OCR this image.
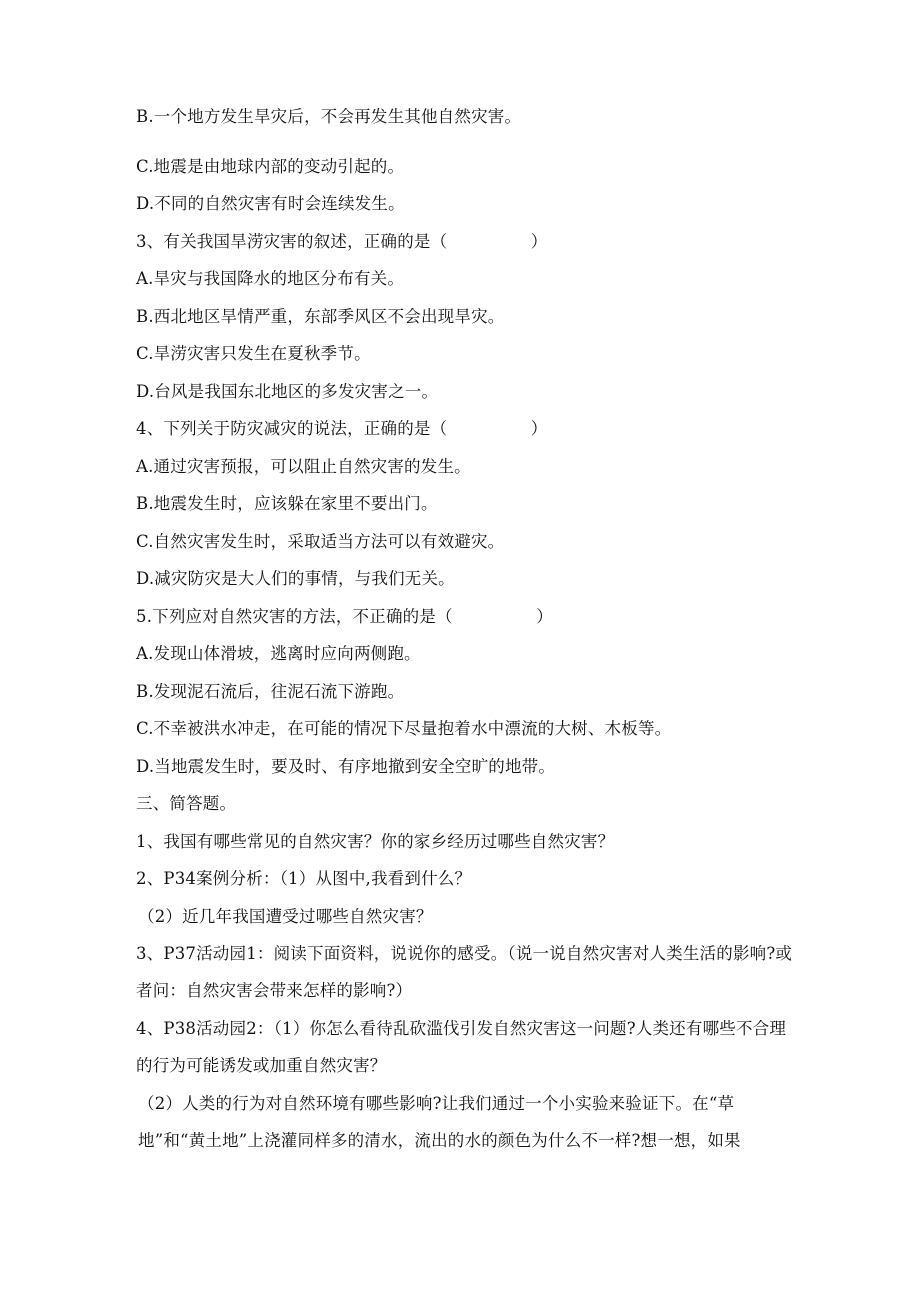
B.一个地方发生旱灾后，不会再发生其他自然灾害。
C.地震是由地球内部的变动引起的。
D.不同的自然灾害有时会连续发生。
3、有关我国旱涝灾害的叙述，正确的是（　　　　　）
A.旱灾与我国降水的地区分布有关。
B.西北地区旱情严重，东部季风区不会出现旱灾。
C.旱涝灾害只发生在夏秋季节。
D.台风是我国东北地区的多发灾害之一。
4、下列关于防灾减灾的说法，正确的是（　　　　　）
A.通过灾害预报，可以阻止自然灾害的发生。
B.地震发生时，应该躲在家里不要出门。
C.自然灾害发生时，采取适当方法可以有效避灾。
D.减灾防灾是大人们的事情，与我们无关。
5.下列应对自然灾害的方法，不正确的是（　　　　　）
A.发现山体滑坡，逃离时应向两侧跑。
B.发现泥石流后，往泥石流下游跑。
C.不幸被洪水冲走，在可能的情况下尽量抱着水中漂流的大树、木板等。
D.当地震发生时，要及时、有序地撤到安全空旷的地带。
三、简答题。
1、我国有哪些常见的自然灾害？你的家乡经历过哪些自然灾害？
2、P34案例分析：（1）从图中,我看到什么？
（2）近几年我国遭受过哪些自然灾害？
3、P37活动园1：阅读下面资料，说说你的感受。（说一说自然灾害对人类生活的影响?或者问：自然灾害会带来怎样的影响?）
4、P38活动园2：（1）你怎么看待乱砍滥伐引发自然灾害这一问题?人类还有哪些不合理的行为可能诱发或加重自然灾害？
（2）人类的行为对自然环境有哪些影响?让我们通过一个小实验来验证下。在“草地”和“黄土地”上浇灌同样多的清水，流出的水的颜色为什么不一样?想一想，如果
